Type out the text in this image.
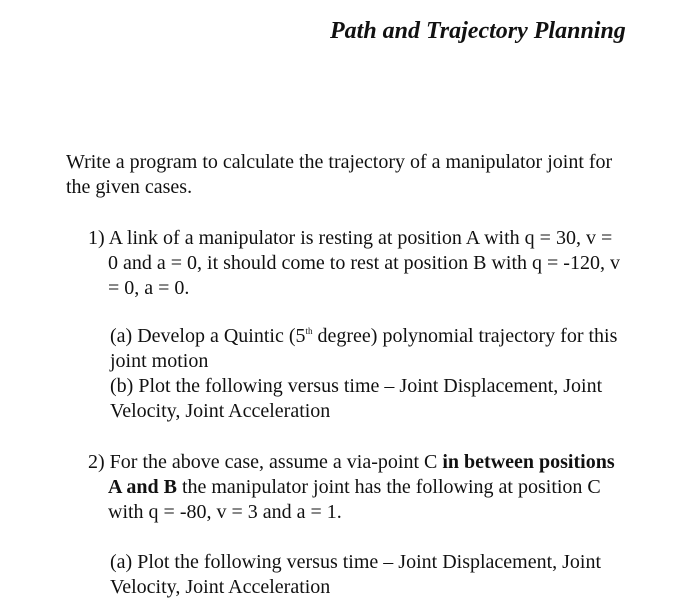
Path and Trajectory Planning

Write a program to calculate the trajectory of a manipulator joint for
the given cases.

1) A link of a manipulator is resting at position A with q = 30, v =
0 and a = 0, it should come to rest at position B with q = -120, v
= 0, a = 0.

(a) Develop a Quintic (5th degree) polynomial trajectory for this
joint motion
(b) Plot the following versus time – Joint Displacement, Joint
Velocity, Joint Acceleration

2) For the above case, assume a via-point C in between positions
A and B the manipulator joint has the following at position C
with q = -80, v = 3 and a = 1.

(a) Plot the following versus time – Joint Displacement, Joint
Velocity, Joint Acceleration
